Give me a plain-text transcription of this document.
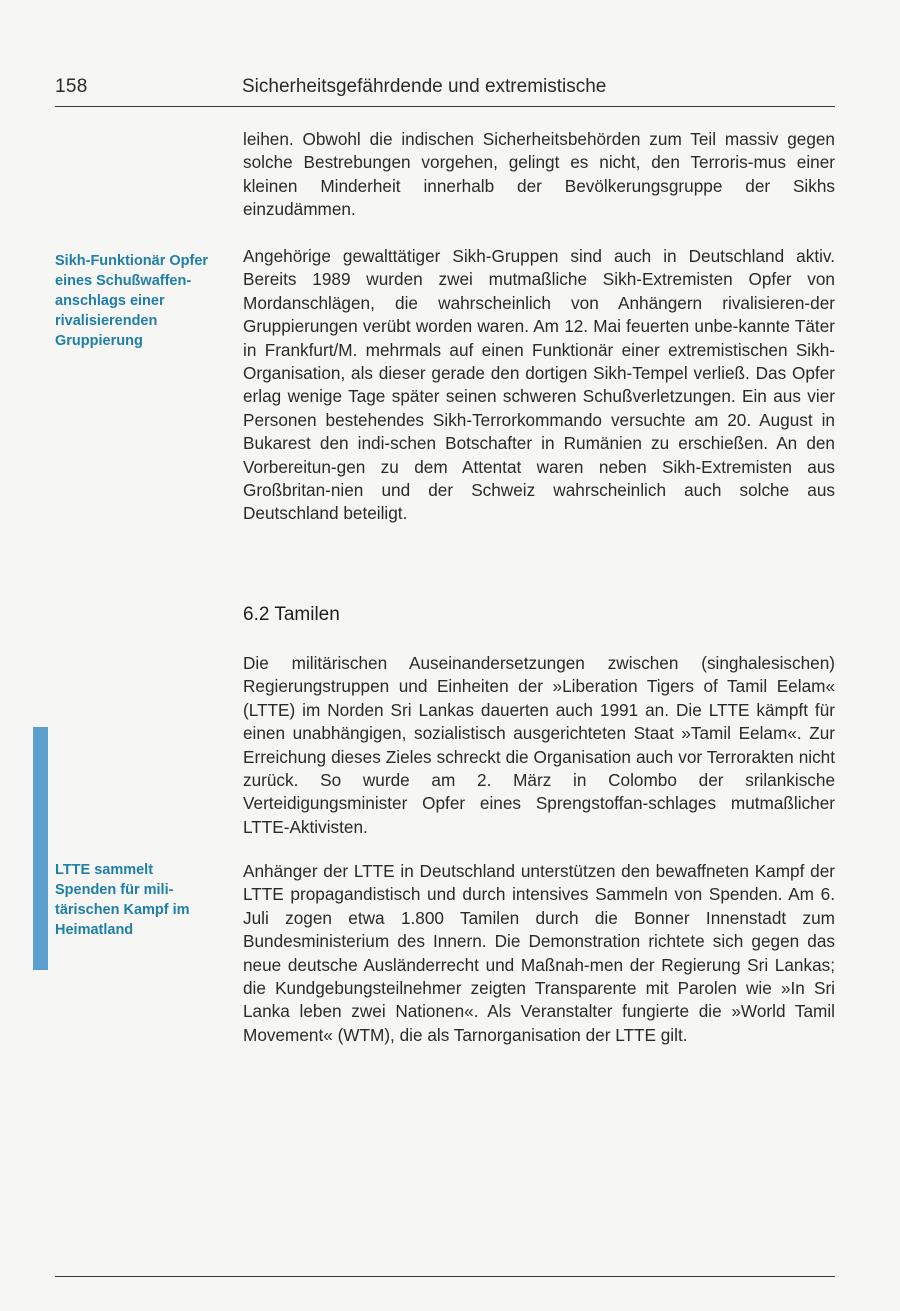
158	Sicherheitsgefährdende und extremistische
leihen. Obwohl die indischen Sicherheitsbehörden zum Teil massiv gegen solche Bestrebungen vorgehen, gelingt es nicht, den Terroris-mus einer kleinen Minderheit innerhalb der Bevölkerungsgruppe der Sikhs einzudämmen.
Sikh-Funktionär Opfer eines Schußwaffen-anschlags einer rivalisierenden Gruppierung
Angehörige gewalttätiger Sikh-Gruppen sind auch in Deutschland aktiv. Bereits 1989 wurden zwei mutmaßliche Sikh-Extremisten Opfer von Mordanschlägen, die wahrscheinlich von Anhängern rivalisieren-der Gruppierungen verübt worden waren. Am 12. Mai feuerten unbe-kannte Täter in Frankfurt/M. mehrmals auf einen Funktionär einer extremistischen Sikh-Organisation, als dieser gerade den dortigen Sikh-Tempel verließ. Das Opfer erlag wenige Tage später seinen schweren Schußverletzungen. Ein aus vier Personen bestehendes Sikh-Terrorkommando versuchte am 20. August in Bukarest den indi-schen Botschafter in Rumänien zu erschießen. An den Vorbereitun-gen zu dem Attentat waren neben Sikh-Extremisten aus Großbritan-nien und der Schweiz wahrscheinlich auch solche aus Deutschland beteiligt.
6.2 Tamilen
Die militärischen Auseinandersetzungen zwischen (singhalesischen) Regierungstruppen und Einheiten der »Liberation Tigers of Tamil Eelam« (LTTE) im Norden Sri Lankas dauerten auch 1991 an. Die LTTE kämpft für einen unabhängigen, sozialistisch ausgerichteten Staat »Tamil Eelam«. Zur Erreichung dieses Zieles schreckt die Organisation auch vor Terrorakten nicht zurück. So wurde am 2. März in Colombo der srilankische Verteidigungsminister Opfer eines Sprengstoffan-schlages mutmaßlicher LTTE-Aktivisten.
LTTE sammelt Spenden für mili-tärischen Kampf im Heimatland
Anhänger der LTTE in Deutschland unterstützen den bewaffneten Kampf der LTTE propagandistisch und durch intensives Sammeln von Spenden. Am 6. Juli zogen etwa 1.800 Tamilen durch die Bonner Innenstadt zum Bundesministerium des Innern. Die Demonstration richtete sich gegen das neue deutsche Ausländerrecht und Maßnah-men der Regierung Sri Lankas; die Kundgebungsteilnehmer zeigten Transparente mit Parolen wie »In Sri Lanka leben zwei Nationen«. Als Veranstalter fungierte die »World Tamil Movement« (WTM), die als Tarnorganisation der LTTE gilt.
